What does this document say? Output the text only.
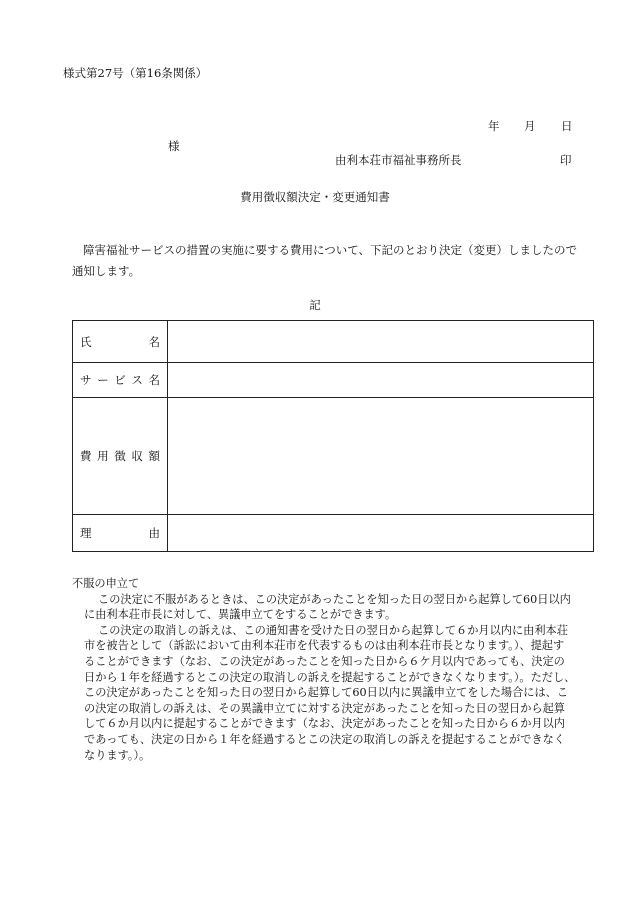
様式第27号（第16条関係）
年 月 日
様
由利本荘市福祉事務所長	印
費用徴収額決定・変更通知書

障害福祉サービスの措置の実施に要する費用について、下記のとおり決定（変更）しましたので

通知します。

記
氏 名	

サ ー ビ ス 名	

費 用 徴 収 額	

理 由	

不服の申立て

この決定に不服があるときは、この決定があったことを知った日の翌日から起算して60日以内
に由利本荘市長に対して、異議申立てをすることができます。
この決定の取消しの訴えは、この通知書を受けた日の翌日から起算して６か月以内に由利本荘
市を被告として（訴訟において由利本荘市を代表するものは由利本荘市長となります。）、提起す
ることができます（なお、この決定があったことを知った日から６ケ月以内であっても、決定の
日から１年を経過するとこの決定の取消しの訴えを提起することができなくなります。）。ただし、
この決定があったことを知った日の翌日から起算して60日以内に異議申立てをした場合には、こ
の決定の取消しの訴えは、その異議申立てに対する決定があったことを知った日の翌日から起算
して６か月以内に提起することができます（なお、決定があったことを知った日から６か月以内
であっても、決定の日から１年を経過するとこの決定の取消しの訴えを提起することができなく
なります。）。
